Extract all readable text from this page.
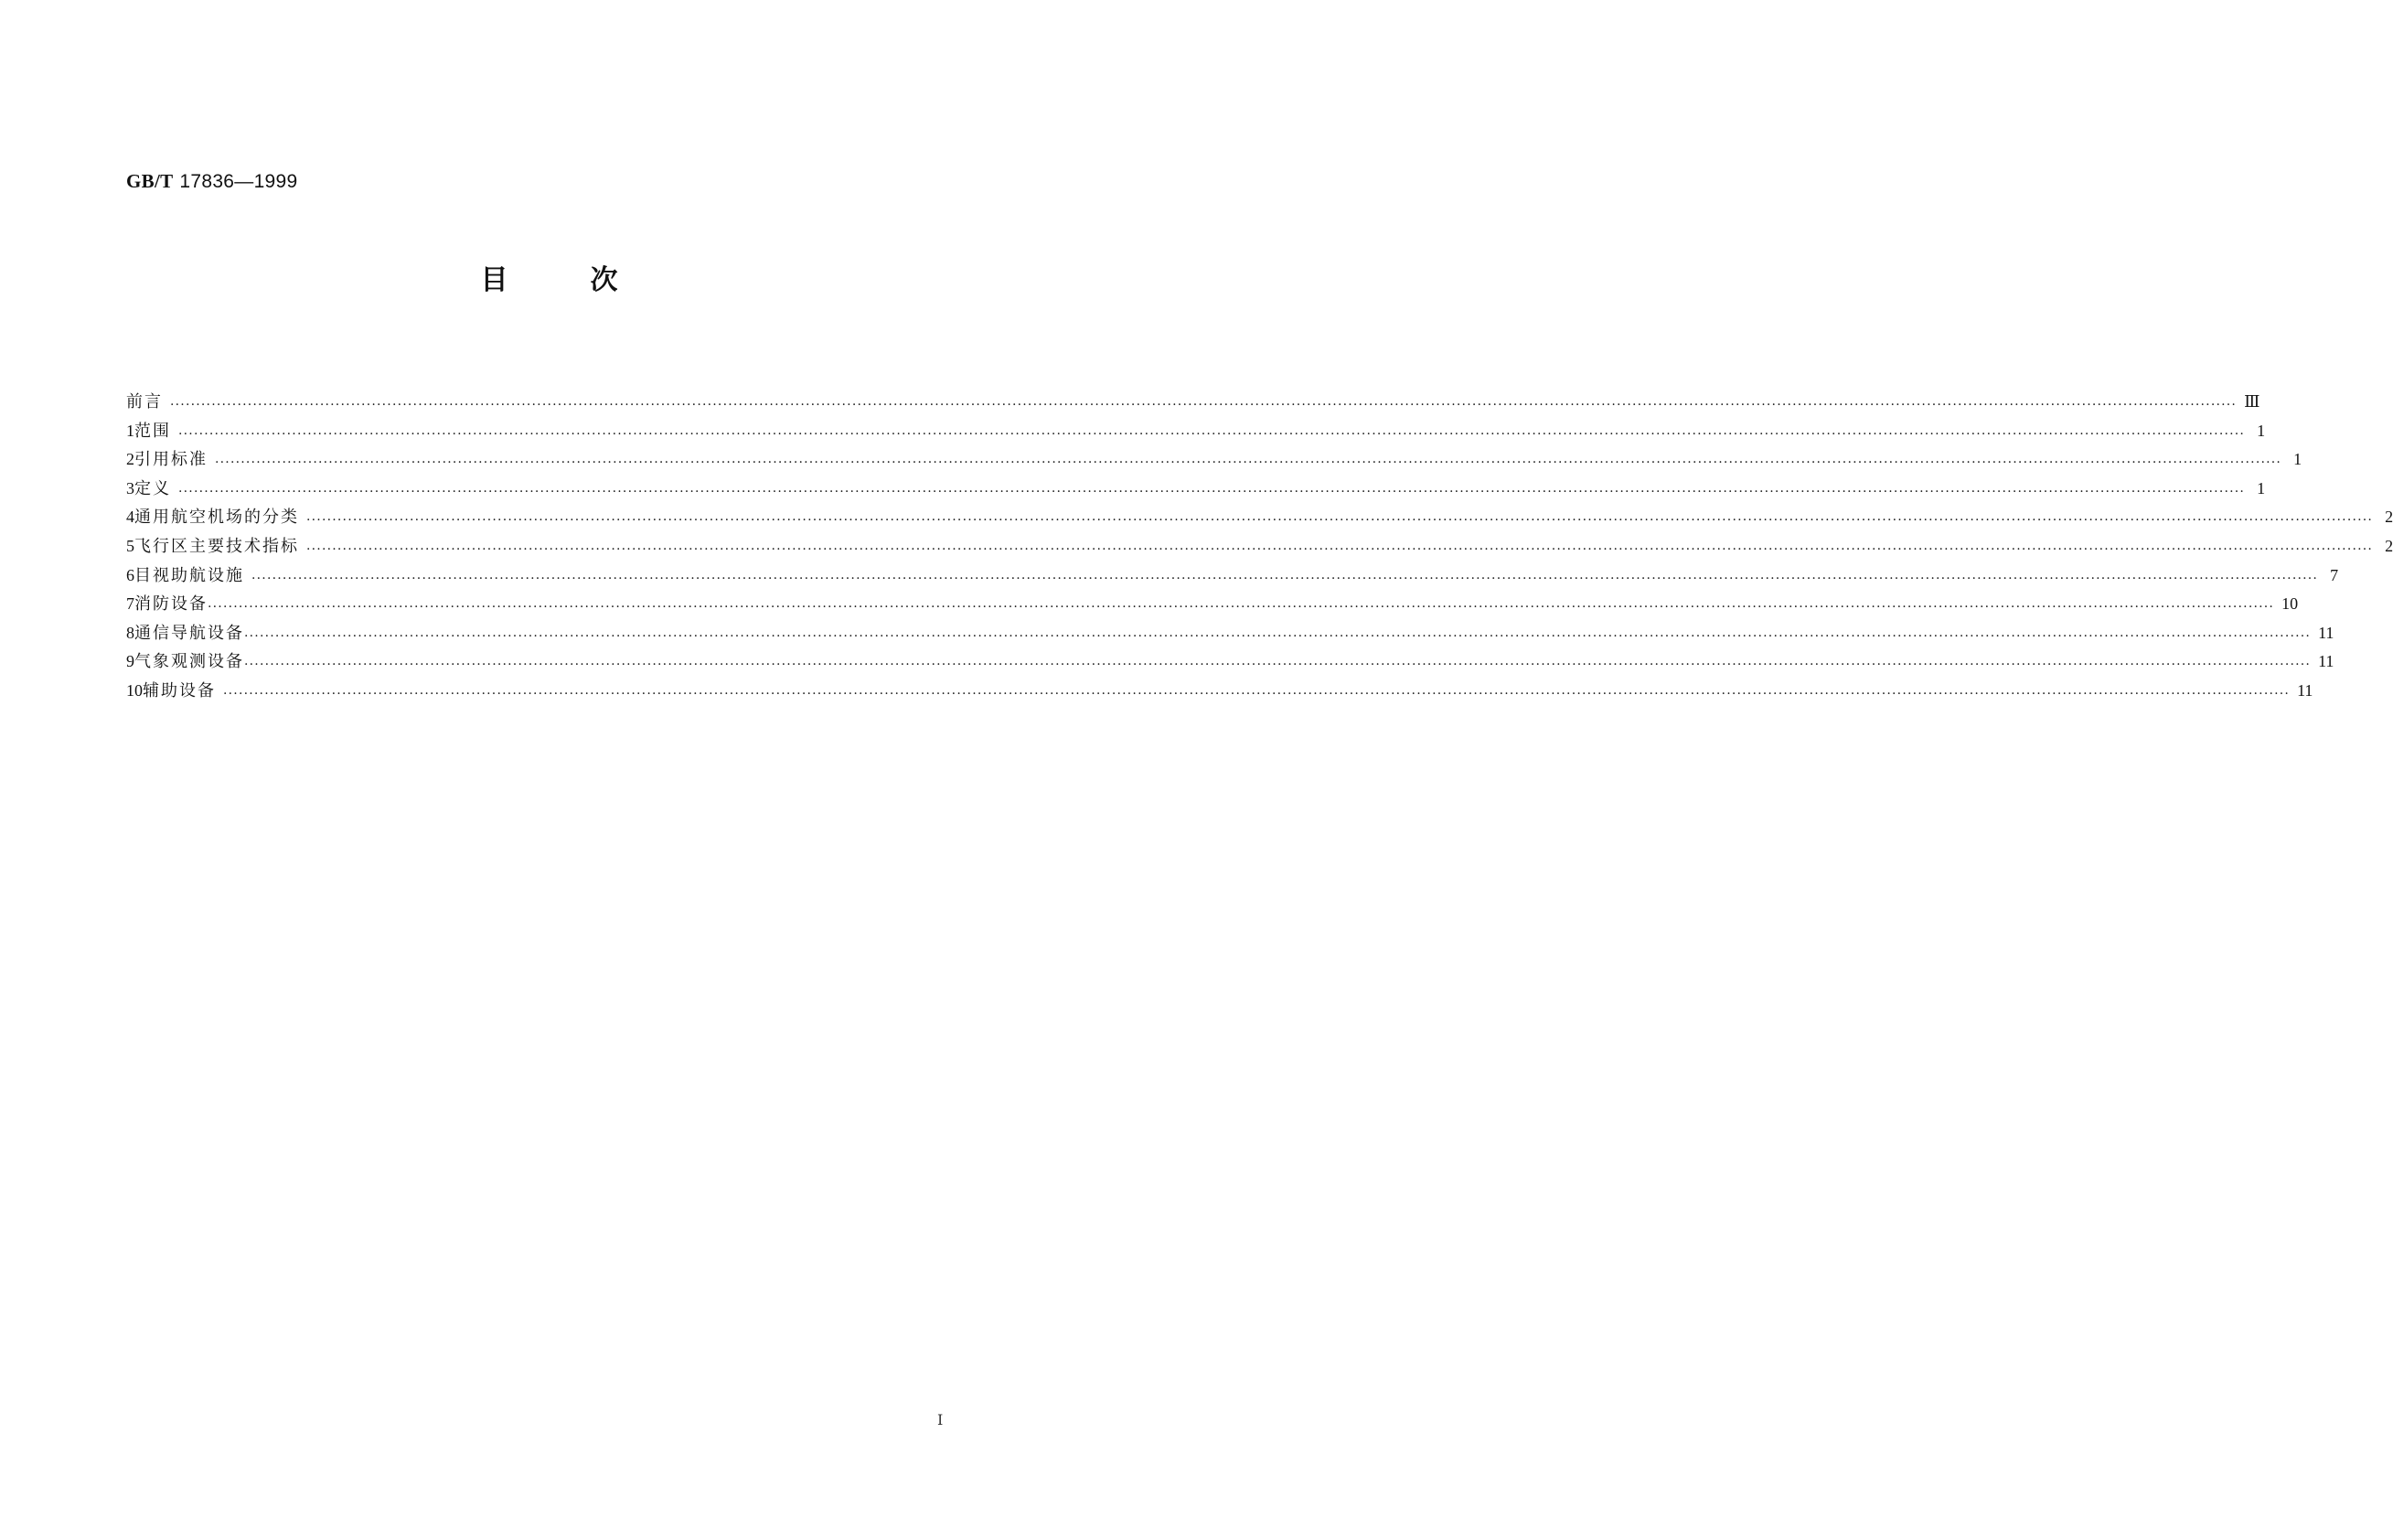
GB/T 17836—1999
目次
前言 ................................................................................................................................................................................................................................................................................................................................................................................................................ Ⅲ
1 范围 ................................................................................................................................................................................................................................................................................................................................................................................................................ 1
2 引用标准 ................................................................................................................................................................................................................................................................................................................................................................................................................ 1
3 定义 ................................................................................................................................................................................................................................................................................................................................................................................................................ 1
4 通用航空机场的分类 ................................................................................................................................................................................................................................................................................................................................................................................................................ 2
5 飞行区主要技术指标 ................................................................................................................................................................................................................................................................................................................................................................................................................ 2
6 目视助航设施 ................................................................................................................................................................................................................................................................................................................................................................................................................ 7
7 消防设备 ................................................................................................................................................................................................................................................................................................................................................................................................................ 10
8 通信导航设备 ................................................................................................................................................................................................................................................................................................................................................................................................................ 11
9 气象观测设备 ................................................................................................................................................................................................................................................................................................................................................................................................................ 11
10 辅助设备 ................................................................................................................................................................................................................................................................................................................................................................................................................ 11
Ⅰ
